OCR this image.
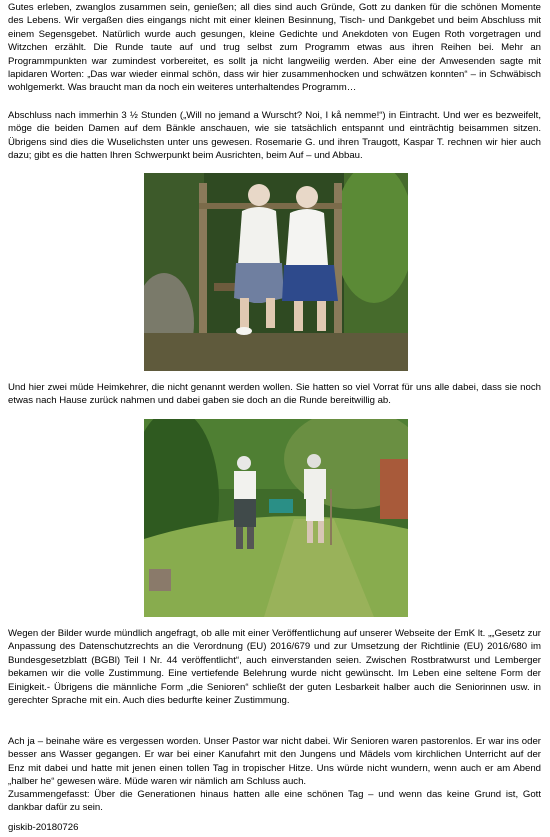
Gutes erleben, zwanglos zusammen sein, genießen; all dies sind auch Gründe, Gott zu danken für die schönen Momente des Lebens. Wir vergaßen dies eingangs nicht mit einer kleinen Besinnung, Tisch- und Dankgebet und beim Abschluss mit einem Segensgebet. Natürlich wurde auch gesungen, kleine Gedichte und Anekdoten von Eugen Roth vorgetragen und Witzchen erzählt. Die Runde taute auf und trug selbst zum Programm etwas aus ihren Reihen bei. Mehr an Programmpunkten war zumindest vorbereitet, es sollt ja nicht langweilig werden. Aber eine der Anwesenden sagte mit lapidaren Worten: „Das war wieder einmal schön, dass wir hier zusammenhocken und schwätzen konnten“ – in Schwäbisch wohlgemerkt. Was braucht man da noch ein weiteres unterhaltendes Programm…

Abschluss nach immerhin 3 ½ Stunden („Will no jemand a Wurscht? Noi, I kå nemme!“) in Eintracht. Und wer es bezweifelt, möge die beiden Damen auf dem Bänkle anschauen, wie sie tatsächlich entspannt und einträchtig beisammen sitzen. Übrigens sind dies die Wuselichsten unter uns gewesen. Rosemarie G. und ihren Traugott, Kaspar T. rechnen wir hier auch dazu; gibt es die hatten Ihren Schwerpunkt beim Ausrichten, beim Auf – und Abbau.

Und hier zwei müde Heimkehrer, die nicht genannt werden wollen. Sie hatten so viel Vorrat für uns alle dabei, dass sie noch etwas nach Hause zurück nahmen und dabei gaben sie doch an die Runde bereitwillig ab.

Wegen der Bilder wurde mündlich angefragt, ob alle mit einer Veröffentlichung auf unserer Webseite der EmK lt. „„Gesetz zur Anpassung des Datenschutzrechts an die Verordnung (EU) 2016/679 und zur Umsetzung der Richtlinie (EU) 2016/680 im Bundesgesetzblatt (BGBl) Teil I Nr. 44 veröffentlicht“, auch einverstanden seien. Zwischen Rostbratwurst und Lemberger bekamen wir die volle Zustimmung. Eine vertiefende Belehrung wurde nicht gewünscht. Im Leben eine seltene Form der Einigkeit.- Übrigens die männliche Form „die Senioren“ schließt der guten Lesbarkeit halber auch die Seniorinnen usw. in gerechter Sprache mit ein. Auch dies bedurfte keiner Zustimmung.

Ach ja – beinahe wäre es vergessen worden. Unser Pastor war nicht dabei. Wir Senioren waren pastorenlos. Er war ins oder besser ans Wasser gegangen. Er war bei einer Kanufahrt mit den Jungens und Mädels vom kirchlichen Unterricht auf der Enz mit dabei und hatte mit jenen einen tollen Tag in tropischer Hitze. Uns würde nicht wundern, wenn auch er am Abend „halber he“ gewesen wäre. Müde waren wir nämlich am Schluss auch.

Zusammengefasst: Über die Generationen hinaus hatten alle eine schönen Tag – und wenn das keine Grund ist, Gott dankbar dafür zu sein.

giskib-20180726
